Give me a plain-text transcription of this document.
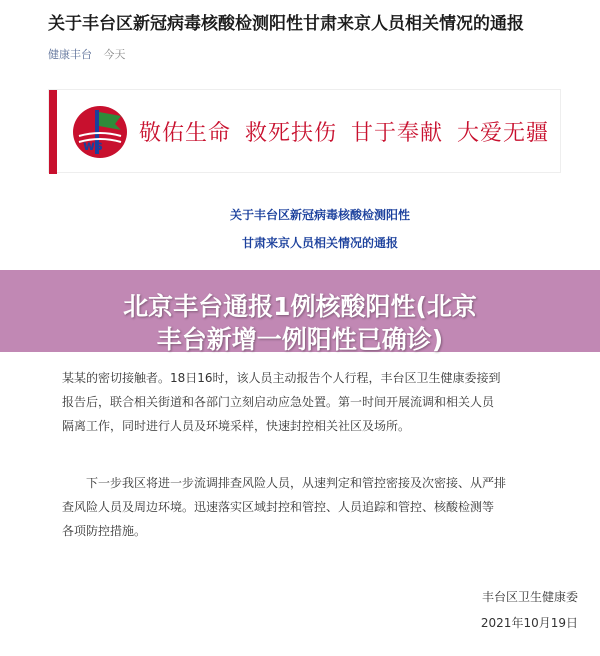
关于丰台区新冠病毒核酸检测阳性甘肃来京人员相关情况的通报
健康丰台 今天
ws
敬佑生命 救死扶伤 甘于奉献 大爱无疆
关于丰台区新冠病毒核酸检测阳性
甘肃来京人员相关情况的通报

某某的密切接触者。18日16时，该人员主动报告个人行程，丰台区卫生健康委接到
报告后，联合相关街道和各部门立刻启动应急处置。第一时间开展流调和相关人员
隔离工作，同时进行人员及环境采样，快速封控相关社区及场所。
　　下一步我区将进一步流调排查风险人员，从速判定和管控密接及次密接、从严排
查风险人员及周边环境。迅速落实区域封控和管控、人员追踪和管控、核酸检测等
各项防控措施。
丰台区卫生健康委
2021年10月19日
北京丰台通报1例核酸阳性(北京
丰台新增一例阳性已确诊)
